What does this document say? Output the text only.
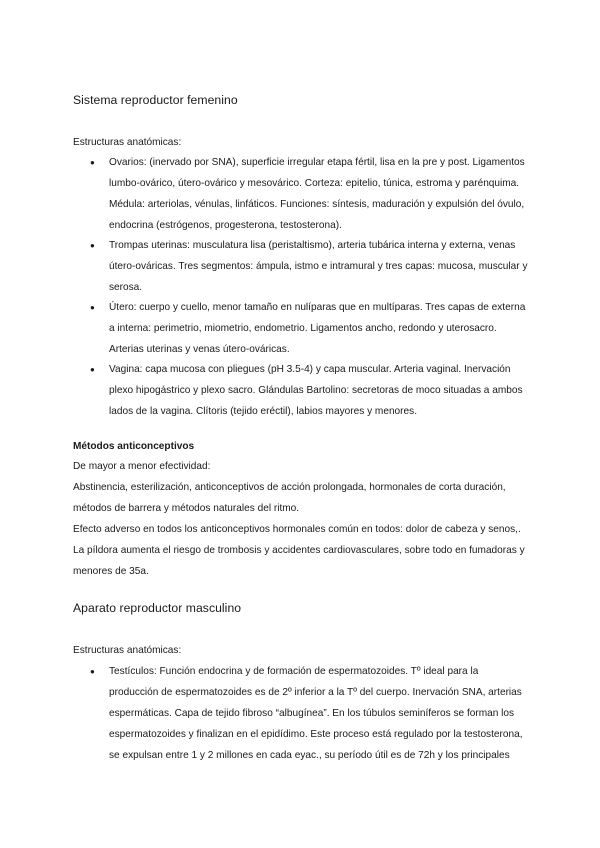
Sistema reproductor femenino
Estructuras anatómicas:
● Ovarios: (inervado por SNA), superficie irregular etapa fértil, lisa en la pre y post. Ligamentos
lumbo-ovárico, útero-ovárico y mesovárico. Corteza: epitelio, túnica, estroma y parénquima.
Médula: arteriolas, vénulas, linfáticos. Funciones: síntesis, maduración y expulsión del óvulo,
endocrina (estrógenos, progesterona, testosterona).
● Trompas uterinas: musculatura lisa (peristaltismo), arteria tubárica interna y externa, venas
útero-ováricas. Tres segmentos: ámpula, istmo e intramural y tres capas: mucosa, muscular y
serosa.
● Útero: cuerpo y cuello, menor tamaño en nulíparas que en multíparas. Tres capas de externa
a interna: perimetrio, miometrio, endometrio. Ligamentos ancho, redondo y uterosacro.
Arterias uterinas y venas útero-ováricas.
● Vagina: capa mucosa con pliegues (pH 3.5-4) y capa muscular. Arteria vaginal. Inervación
plexo hipogástrico y plexo sacro. Glándulas Bartolino: secretoras de moco situadas a ambos
lados de la vagina. Clítoris (tejido eréctil), labios mayores y menores.
Métodos anticonceptivos
De mayor a menor efectividad:
Abstinencia, esterilización, anticonceptivos de acción prolongada, hormonales de corta duración,
métodos de barrera y métodos naturales del ritmo.
Efecto adverso en todos los anticonceptivos hormonales común en todos: dolor de cabeza y senos,.
La píldora aumenta el riesgo de trombosis y accidentes cardiovasculares, sobre todo en fumadoras y
menores de 35a.
Aparato reproductor masculino
Estructuras anatómicas:
● Testículos: Función endocrina y de formación de espermatozoides. Tº ideal para la
producción de espermatozoides es de 2º inferior a la Tº del cuerpo. Inervación SNA, arterias
espermáticas. Capa de tejido fibroso “albugínea”. En los túbulos seminíferos se forman los
espermatozoides y finalizan en el epidídimo. Este proceso está regulado por la testosterona,
se expulsan entre 1 y 2 millones en cada eyac., su período útil es de 72h y los principales
